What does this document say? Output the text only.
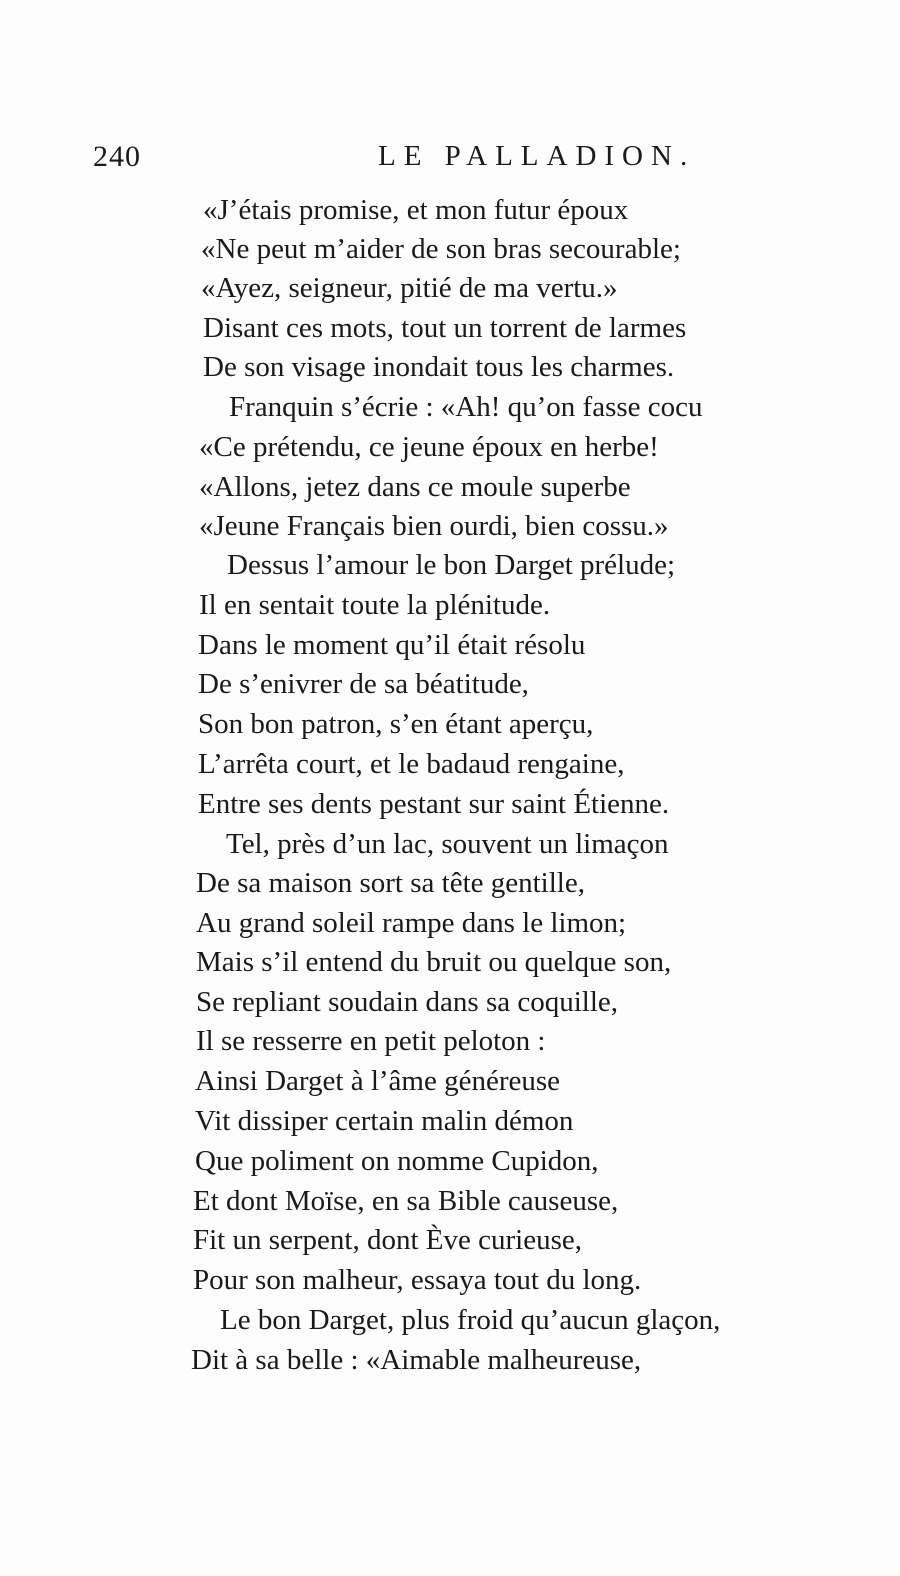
240	LE PALLADION.
«J’étais promise, et mon futur époux
«Ne peut m’aider de son bras secourable;
«Ayez, seigneur, pitié de ma vertu.»
Disant ces mots, tout un torrent de larmes
De son visage inondait tous les charmes.
Franquin s’écrie : «Ah! qu’on fasse cocu
«Ce prétendu, ce jeune époux en herbe!
«Allons, jetez dans ce moule superbe
«Jeune Français bien ourdi, bien cossu.»
Dessus l’amour le bon Darget prélude;
Il en sentait toute la plénitude.
Dans le moment qu’il était résolu
De s’enivrer de sa béatitude,
Son bon patron, s’en étant aperçu,
L’arrêta court, et le badaud rengaine,
Entre ses dents pestant sur saint Étienne.
Tel, près d’un lac, souvent un limaçon
De sa maison sort sa tête gentille,
Au grand soleil rampe dans le limon;
Mais s’il entend du bruit ou quelque son,
Se repliant soudain dans sa coquille,
Il se resserre en petit peloton :
Ainsi Darget à l’âme généreuse
Vit dissiper certain malin démon
Que poliment on nomme Cupidon,
Et dont Moïse, en sa Bible causeuse,
Fit un serpent, dont Ève curieuse,
Pour son malheur, essaya tout du long.
Le bon Darget, plus froid qu’aucun glaçon,
Dit à sa belle : «Aimable malheureuse,
